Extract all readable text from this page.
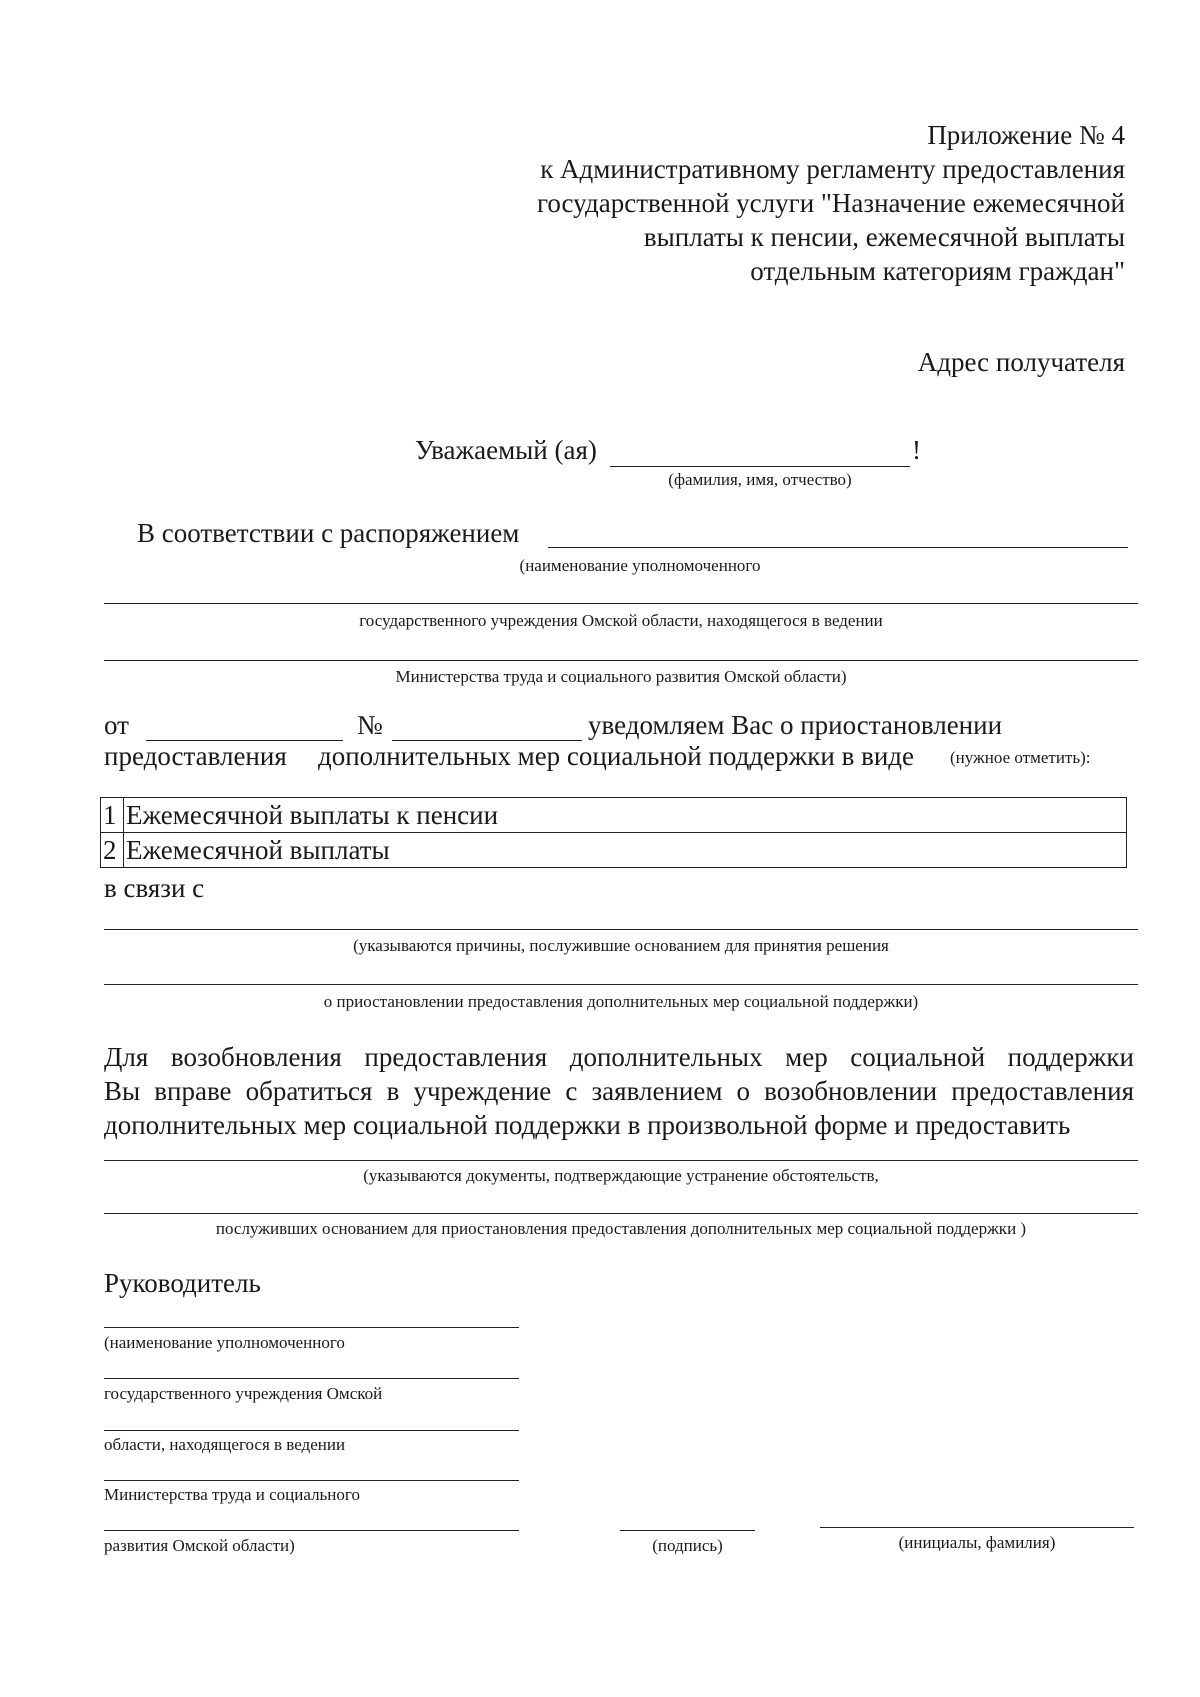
Приложение № 4
к Административному регламенту предоставления
государственной услуги "Назначение ежемесячной
выплаты к пенсии, ежемесячной выплаты
отдельным категориям граждан"
Адрес получателя
Уважаемый (ая)	!
(фамилия, имя, отчество)
В соответствии с распоряжением
(наименование уполномоченного
государственного учреждения Омской области, находящегося в ведении
Министерства труда и социального развития Омской области)
от	№	уведомляем Вас о приостановлении
предоставления дополнительных мер социальной поддержки в виде (нужное отметить):
1	Ежемесячной выплаты к пенсии
2	Ежемесячной выплаты
в связи с
(указываются причины, послужившие основанием для принятия решения
о приостановлении предоставления дополнительных мер социальной поддержки)
Для возобновления предоставления дополнительных мер социальной поддержки
Вы вправе обратиться в учреждение с заявлением о возобновлении предоставления
дополнительных мер социальной поддержки в произвольной форме и предоставить
(указываются документы, подтверждающие устранение обстоятельств,
послуживших основанием для приостановления предоставления дополнительных мер социальной поддержки )
Руководитель
(наименование уполномоченного
государственного учреждения Омской
области, находящегося в ведении
Министерства труда и социального
развития Омской области)	(подпись)	(инициалы, фамилия)
